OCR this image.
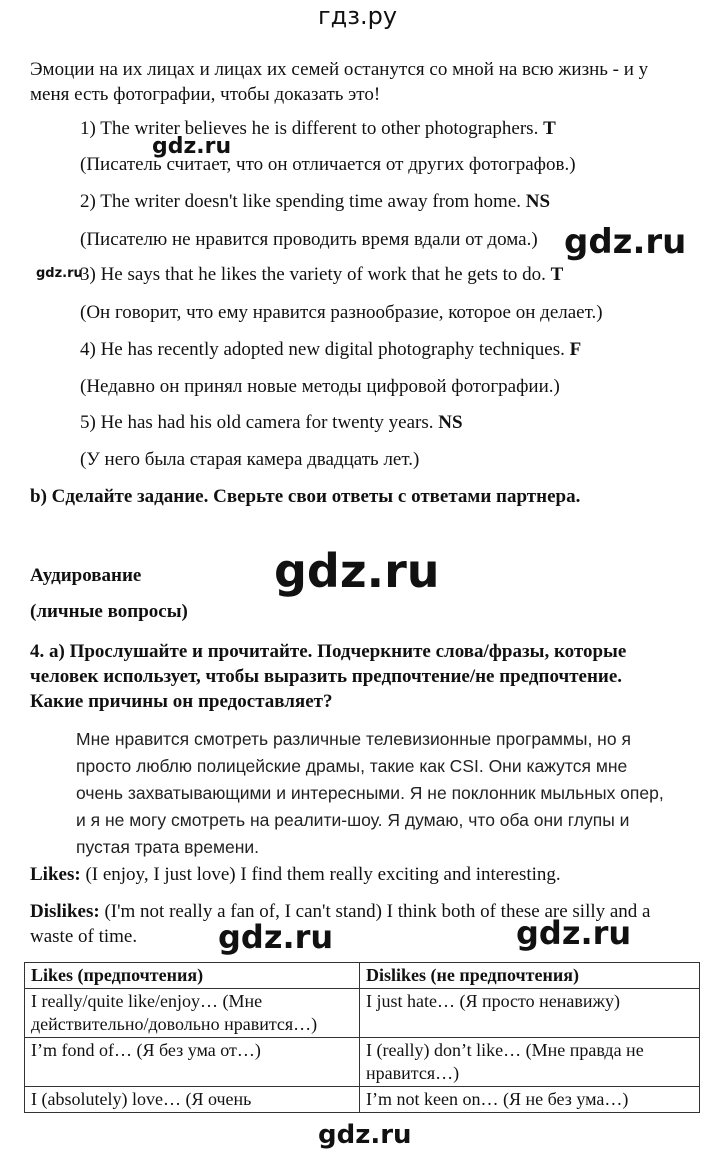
гдз.ру
Эмоции на их лицах и лицах их семей останутся со мной на всю жизнь - и у
меня есть фотографии, чтобы доказать это!
1) The writer believes he is different to other photographers. T
gdz.ru
(Писатель считает, что он отличается от других фотографов.)
2) The writer doesn't like spending time away from home. NS
(Писателю не нравится проводить время вдали от дома.) gdz.ru
gdz.ru
3) He says that he likes the variety of work that he gets to do. T
(Он говорит, что ему нравится разнообразие, которое он делает.)
4) He has recently adopted new digital photography techniques. F
(Недавно он принял новые методы цифровой фотографии.)
5) He has had his old camera for twenty years. NS
(У него была старая камера двадцать лет.)
b) Сделайте задание. Сверьте свои ответы с ответами партнера.
Аудирование	gdz.ru
(личные вопросы)
4. a) Прослушайте и прочитайте. Подчеркните слова/фразы, которые
человек использует, чтобы выразить предпочтение/не предпочтение.
Какие причины он предоставляет?
Мне нравится смотреть различные телевизионные программы, но я
просто люблю полицейские драмы, такие как CSI. Они кажутся мне
очень захватывающими и интересными. Я не поклонник мыльных опер,
и я не могу смотреть на реалити-шоу. Я думаю, что оба они глупы и
пустая трата времени.
Likes: (I enjoy, I just love) I find them really exciting and interesting.
Dislikes: (I'm not really a fan of, I can't stand) I think both of these are silly and a
waste of time.	gdz.ru	gdz.ru
Likes (предпочтения)	Dislikes (не предпочтения)
I really/quite like/enjoy… (Мне действительно/довольно нравится…)	I just hate… (Я просто ненавижу)
I’m fond of… (Я без ума от…)	I (really) don’t like… (Мне правда не нравится…)
I (absolutely) love… (Я очень	I’m not keen on… (Я не без ума…)
gdz.ru
